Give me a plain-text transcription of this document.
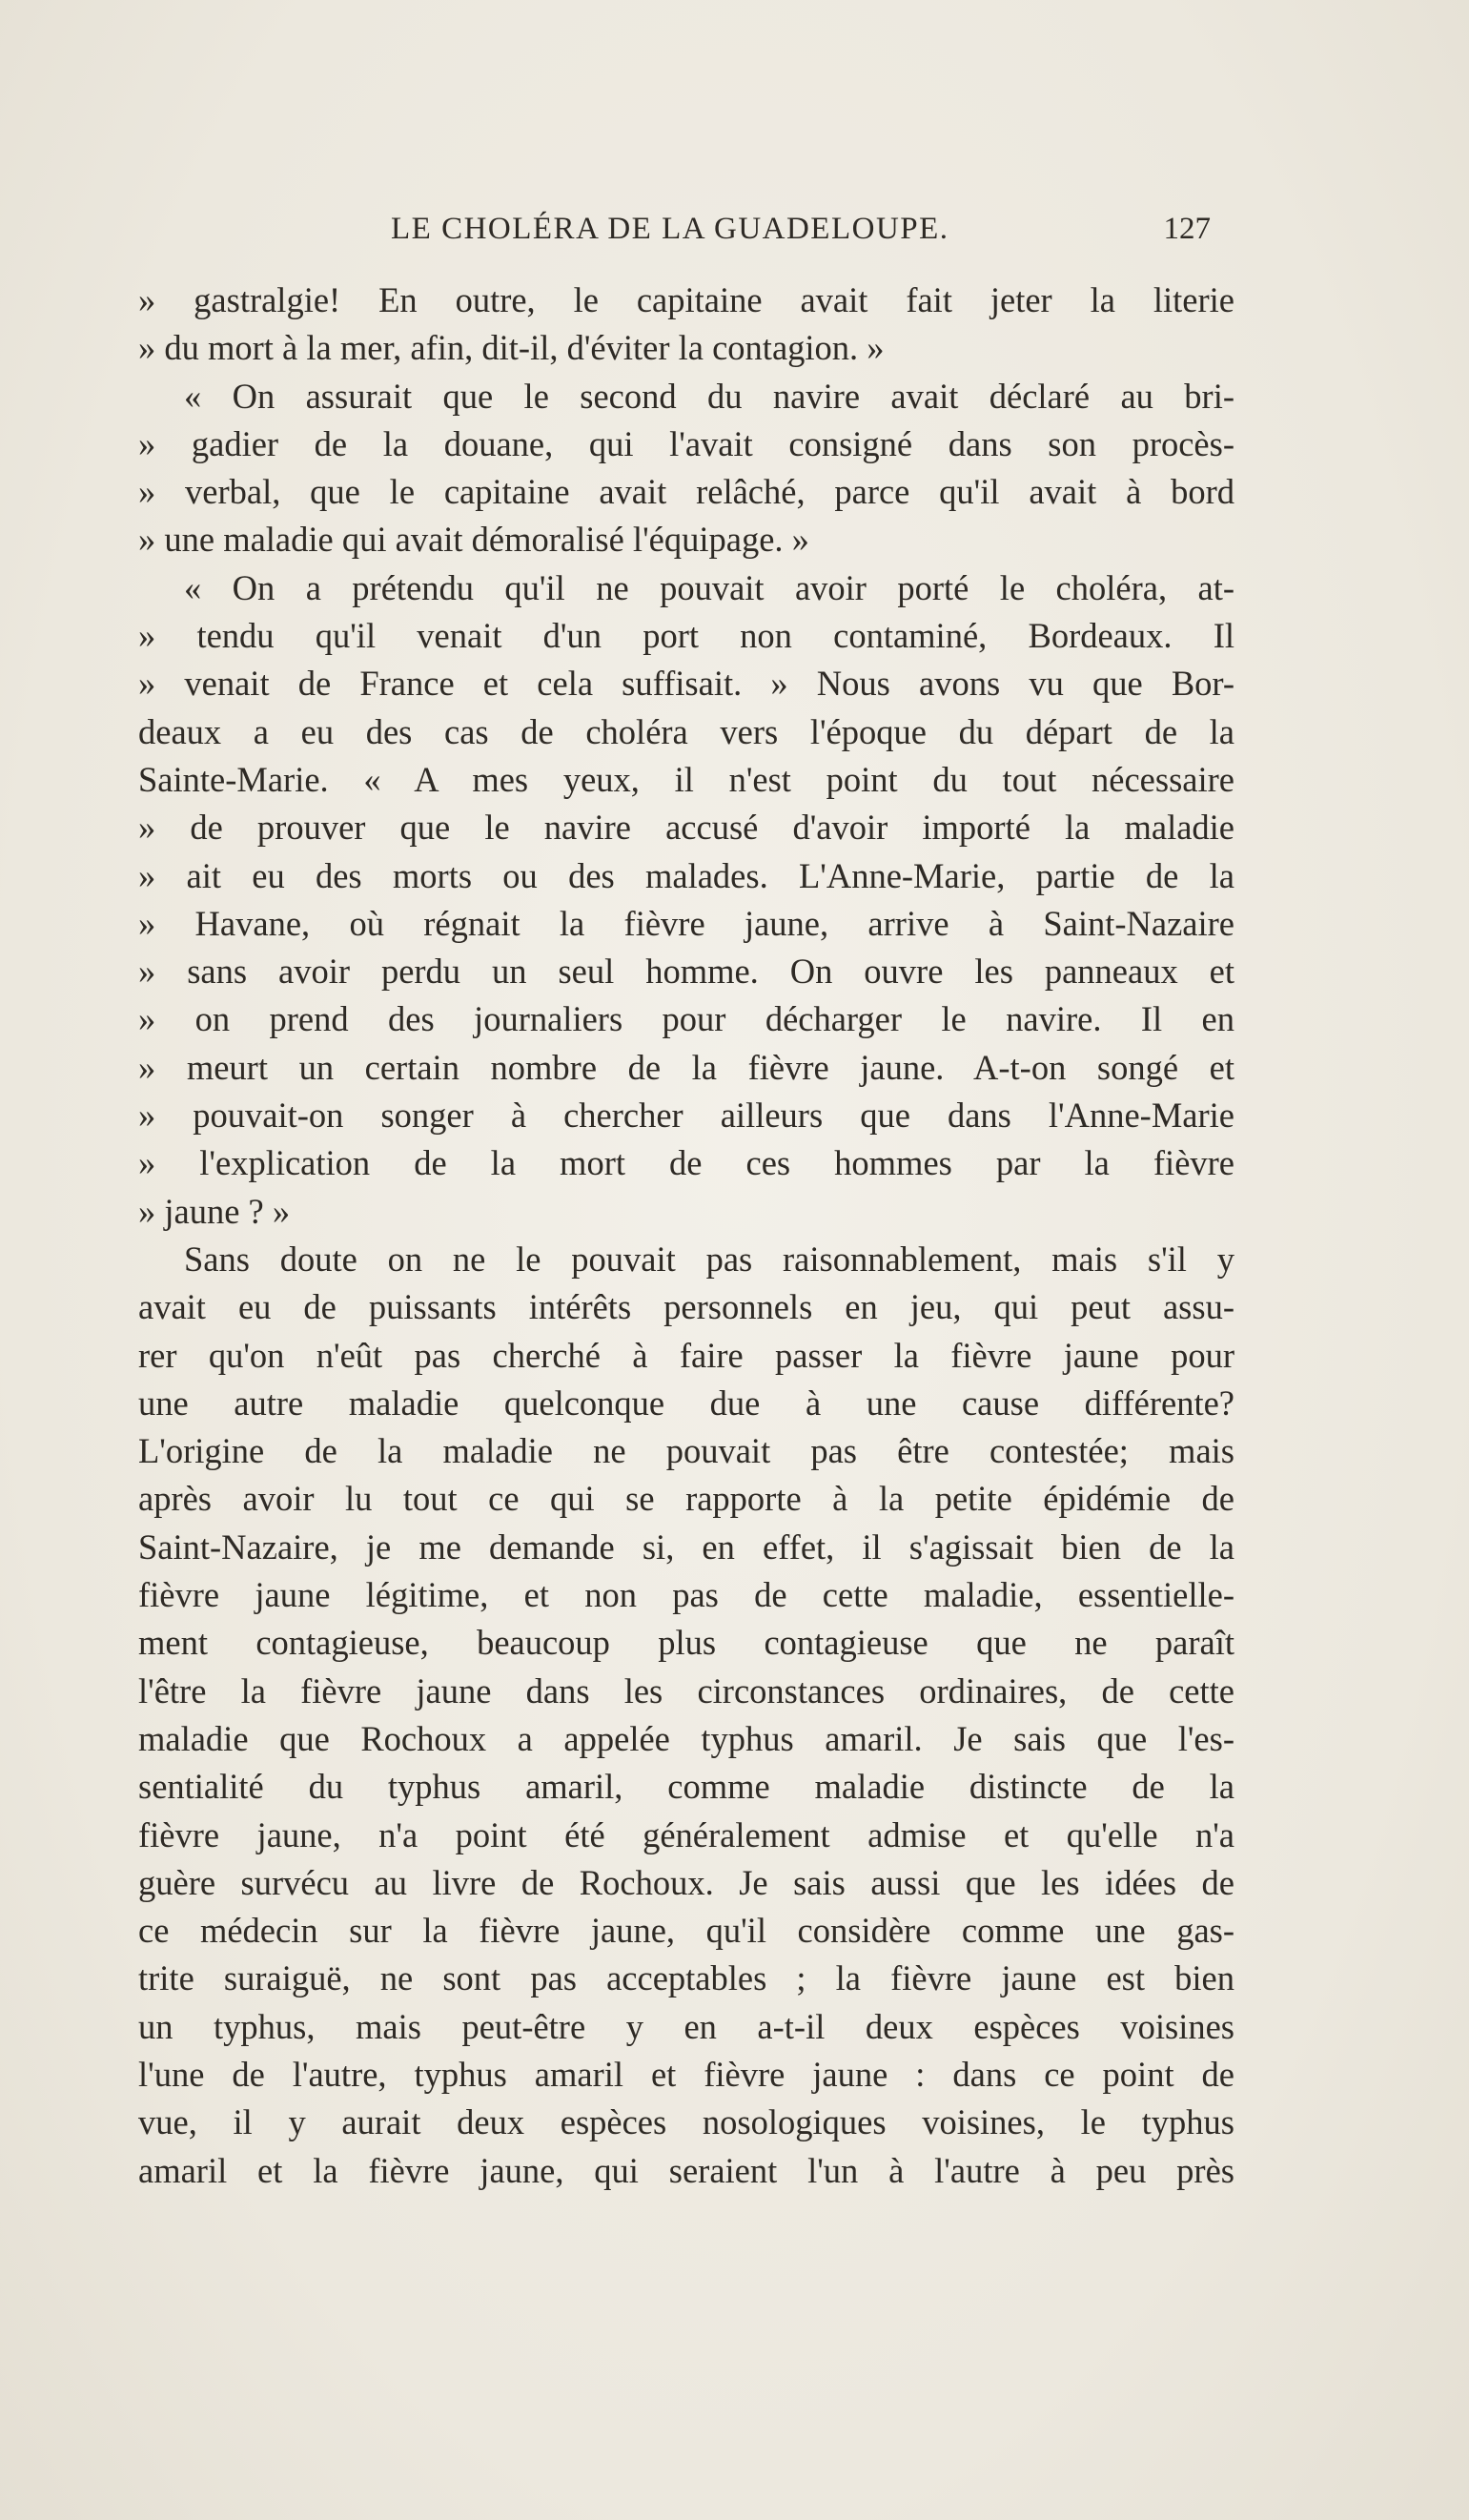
LE CHOLÉRA DE LA GUADELOUPE.	127
» gastralgie! En outre, le capitaine avait fait jeter la literie
» du mort à la mer, afin, dit-il, d'éviter la contagion. »
« On assurait que le second du navire avait déclaré au bri-
» gadier de la douane, qui l'avait consigné dans son procès-
» verbal, que le capitaine avait relâché, parce qu'il avait à bord
» une maladie qui avait démoralisé l'équipage. »
« On a prétendu qu'il ne pouvait avoir porté le choléra, at-
» tendu qu'il venait d'un port non contaminé, Bordeaux. Il
» venait de France et cela suffisait. » Nous avons vu que Bor-
deaux a eu des cas de choléra vers l'époque du départ de la
Sainte-Marie. « A mes yeux, il n'est point du tout nécessaire
» de prouver que le navire accusé d'avoir importé la maladie
» ait eu des morts ou des malades. L'Anne-Marie, partie de la
» Havane, où régnait la fièvre jaune, arrive à Saint-Nazaire
» sans avoir perdu un seul homme. On ouvre les panneaux et
» on prend des journaliers pour décharger le navire. Il en
» meurt un certain nombre de la fièvre jaune. A-t-on songé et
» pouvait-on songer à chercher ailleurs que dans l'Anne-Marie
» l'explication de la mort de ces hommes par la fièvre
» jaune ? »
Sans doute on ne le pouvait pas raisonnablement, mais s'il y
avait eu de puissants intérêts personnels en jeu, qui peut assu-
rer qu'on n'eût pas cherché à faire passer la fièvre jaune pour
une autre maladie quelconque due à une cause différente?
L'origine de la maladie ne pouvait pas être contestée; mais
après avoir lu tout ce qui se rapporte à la petite épidémie de
Saint-Nazaire, je me demande si, en effet, il s'agissait bien de la
fièvre jaune légitime, et non pas de cette maladie, essentielle-
ment contagieuse, beaucoup plus contagieuse que ne paraît
l'être la fièvre jaune dans les circonstances ordinaires, de cette
maladie que Rochoux a appelée typhus amaril. Je sais que l'es-
sentialité du typhus amaril, comme maladie distincte de la
fièvre jaune, n'a point été généralement admise et qu'elle n'a
guère survécu au livre de Rochoux. Je sais aussi que les idées de
ce médecin sur la fièvre jaune, qu'il considère comme une gas-
trite suraiguë, ne sont pas acceptables ; la fièvre jaune est bien
un typhus, mais peut-être y en a-t-il deux espèces voisines
l'une de l'autre, typhus amaril et fièvre jaune : dans ce point de
vue, il y aurait deux espèces nosologiques voisines, le typhus
amaril et la fièvre jaune, qui seraient l'un à l'autre à peu près
